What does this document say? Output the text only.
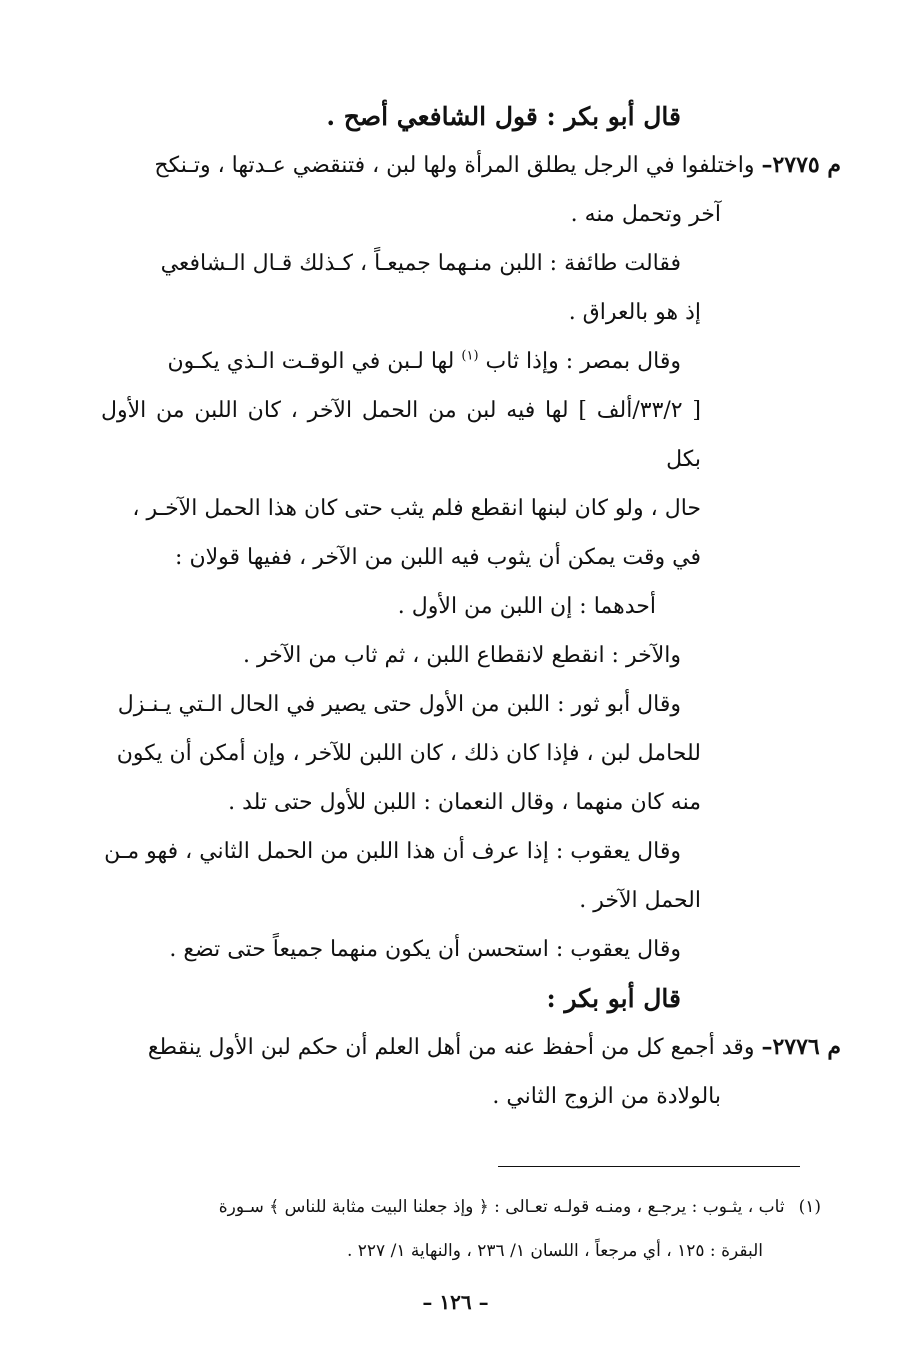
قال أبو بكر : قول الشافعي أصح .
م ٢٧٧٥– واختلفوا في الرجل يطلق المرأة ولها لبن ، فتنقضي عـدتها ، وتـنكح
آخر وتحمل منه .
فقالت طائفة : اللبن منـهما جميعـاً ، كـذلك قـال الـشافعي
إذ هو بالعراق .
وقال بمصر : وإذا ثاب $^{(١)}$ لها لـبن في الوقـت الـذي يكـون
[ ٣٣/٢/ألف ] لها فيه لبن من الحمل الآخر ، كان اللبن من الأول بكل
حال ، ولو كان لبنها انقطع فلم يثب حتى كان هذا الحمل الآخـر ،
في وقت يمكن أن يثوب فيه اللبن من الآخر ، ففيها قولان :
أحدهما : إن اللبن من الأول .
والآخر : انقطع لانقطاع اللبن ، ثم ثاب من الآخر .
وقال أبو ثور : اللبن من الأول حتى يصير في الحال الـتي يـنـزل
للحامل لبن ، فإذا كان ذلك ، كان اللبن للآخر ، وإن أمكن أن يكون
منه كان منهما ، وقال النعمان : اللبن للأول حتى تلد .
وقال يعقوب : إذا عرف أن هذا اللبن من الحمل الثاني ، فهو مـن
الحمل الآخر .
وقال يعقوب : استحسن أن يكون منهما جميعاً حتى تضع .
قال أبو بكر :
م ٢٧٧٦– وقد أجمع كل من أحفظ عنه من أهل العلم أن حكم لبن الأول ينقطع
بالولادة من الزوج الثاني .
(١)ثاب ، يثـوب : يرجـع ، ومنـه قولـه تعـالى : ﴿ وإذ جعلنا البيت مثابة للناس ﴾ سـورة
البقرة : ١٢٥ ، أي مرجعاً ، اللسان ١/ ٢٣٦ ، والنهاية ١/ ٢٢٧ .
– ١٢٦ –
